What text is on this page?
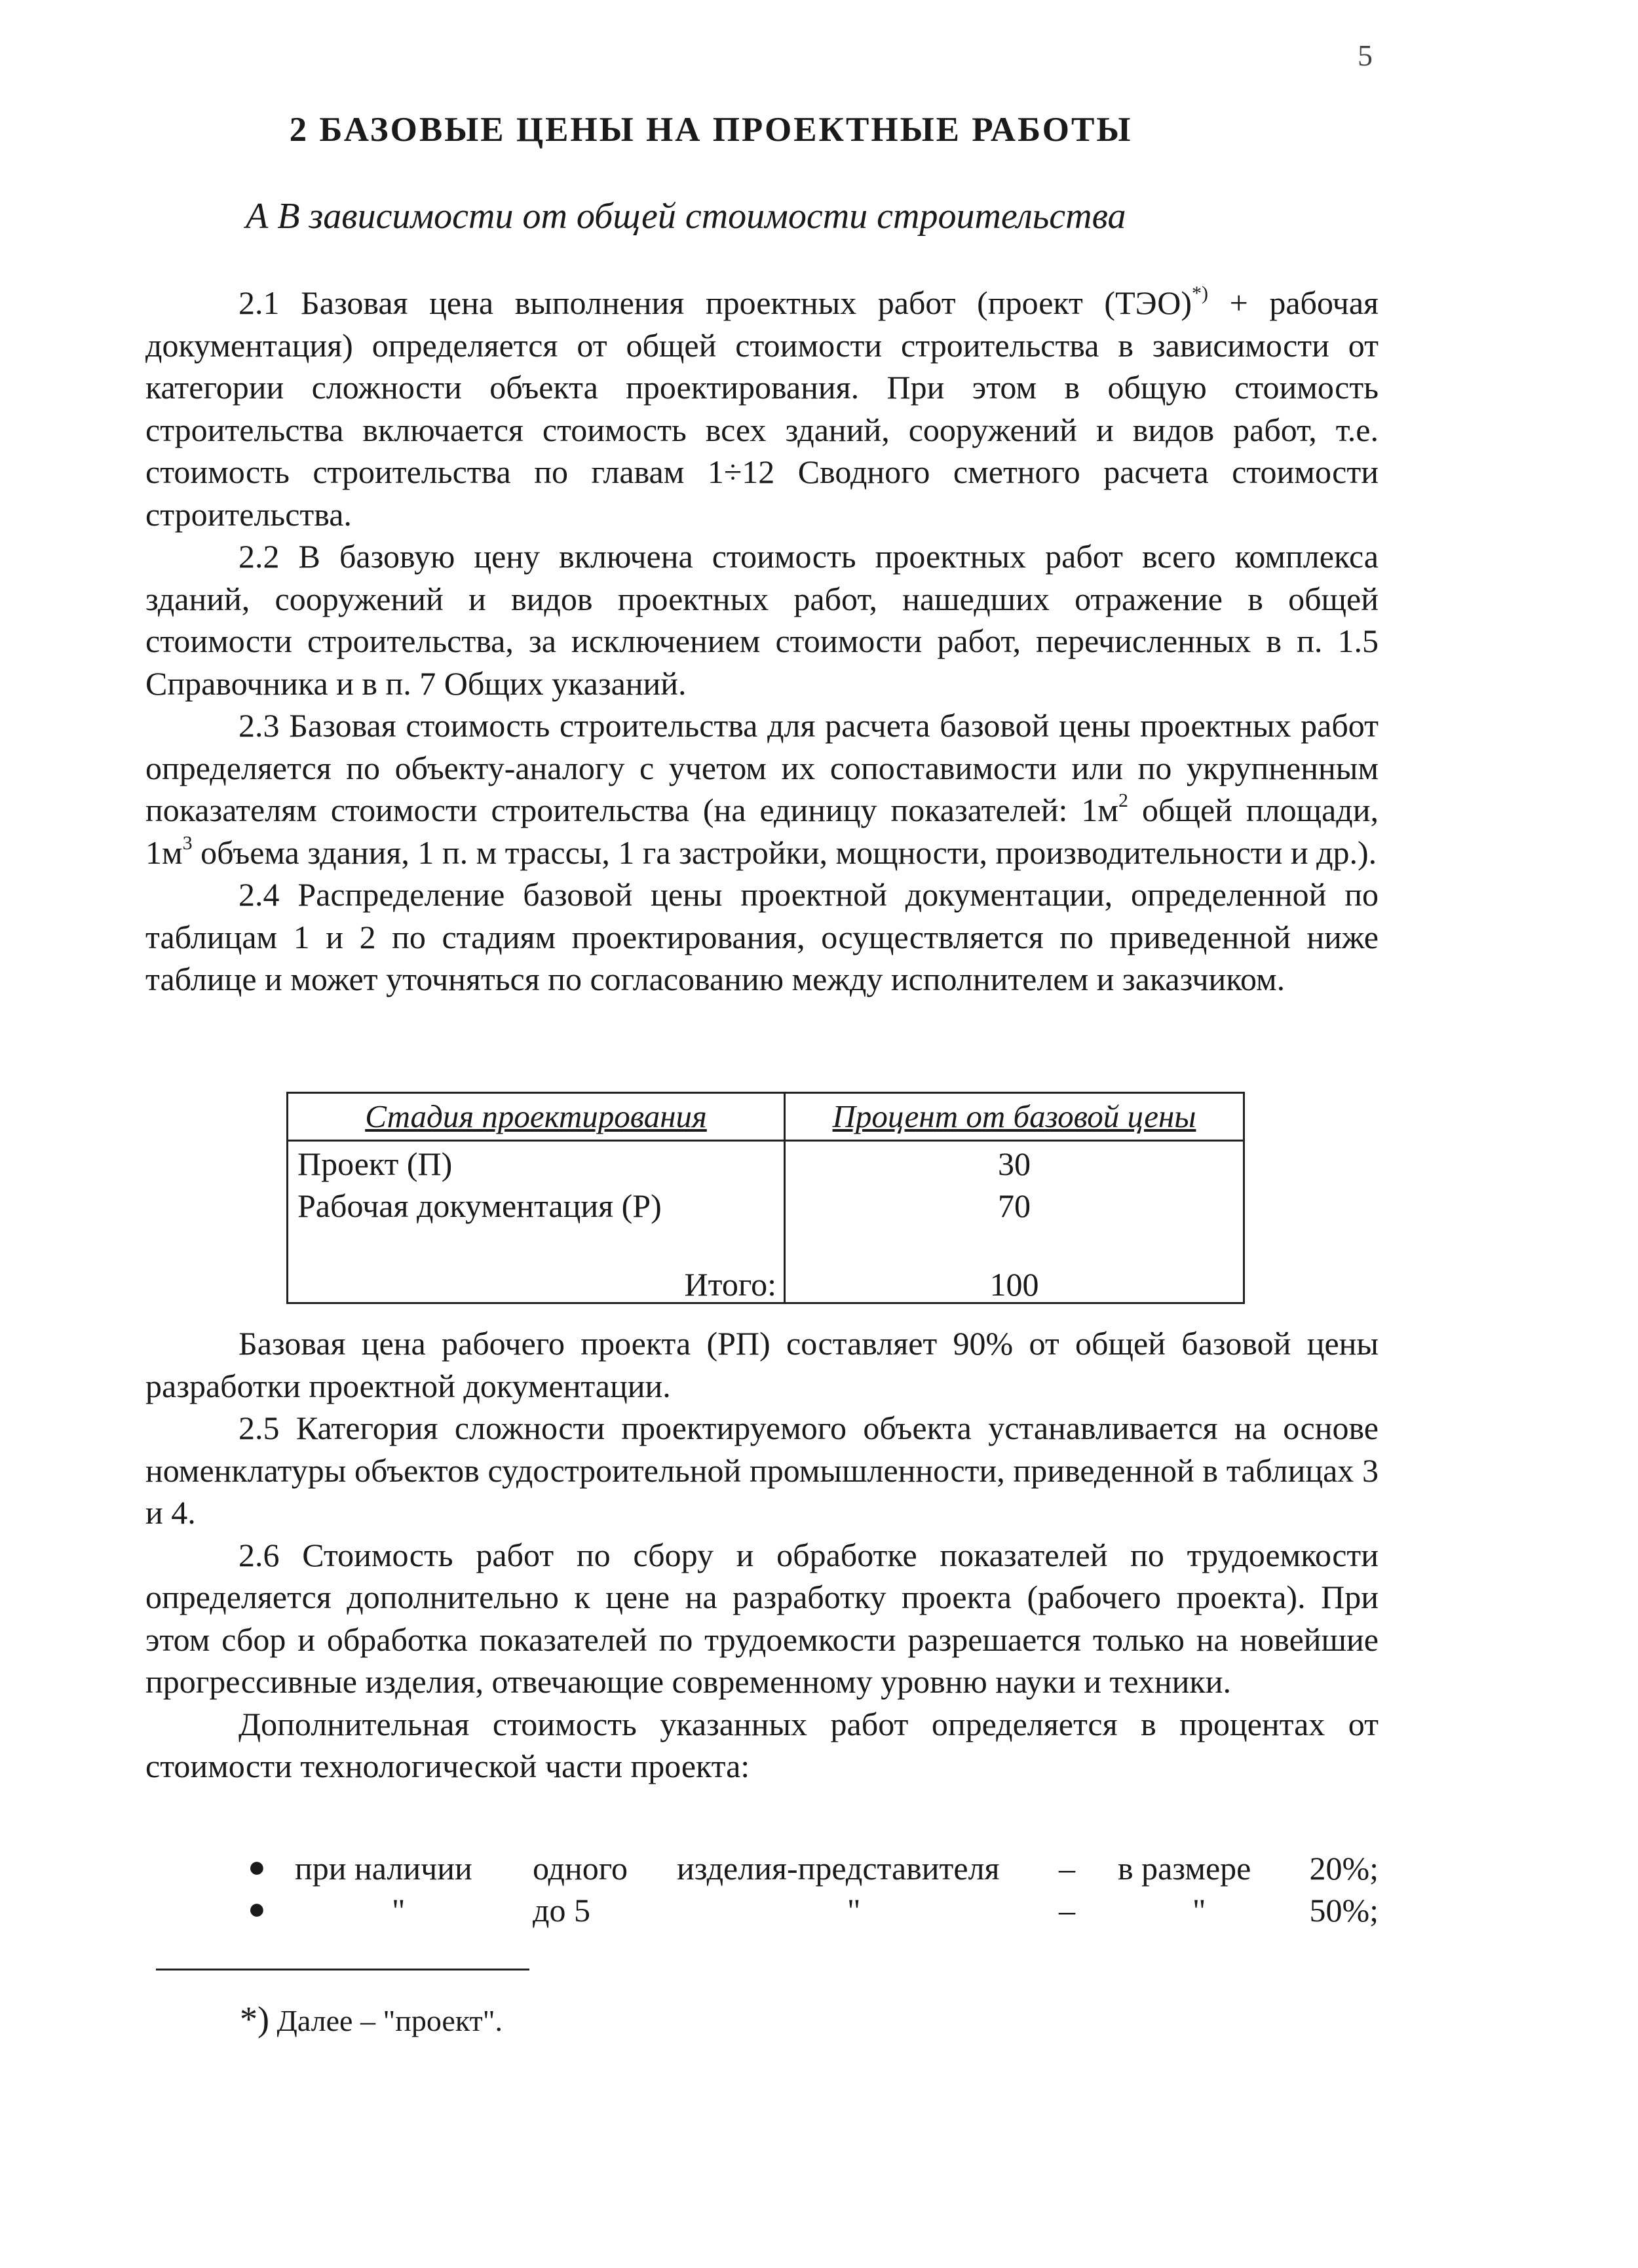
5
2 БАЗОВЫЕ ЦЕНЫ НА ПРОЕКТНЫЕ РАБОТЫ
А В зависимости от общей стоимости строительства

2.1 Базовая цена выполнения проектных работ (проект (ТЭО)*) + рабочая документация) определяется от общей стоимости строительства в зависимости от категории сложности объекта проектирования. При этом в общую стоимость строительства включается стоимость всех зданий, сооружений и видов работ, т.е. стоимость строительства по главам 1÷12 Сводного сметного расчета стоимости строительства.

2.2 В базовую цену включена стоимость проектных работ всего комплекса зданий, сооружений и видов проектных работ, нашедших отражение в общей стоимости строительства, за исключением стоимости работ, перечисленных в п. 1.5 Справочника и в п. 7 Общих указаний.

2.3 Базовая стоимость строительства для расчета базовой цены проектных работ определяется по объекту-аналогу с учетом их сопоставимости или по укрупненным показателям стоимости строительства (на единицу показателей: $1м^2$ общей площади, $1м^3$ объема здания, 1 п. м трассы, 1 га застройки, мощности, производительности и др.).

2.4 Распределение базовой цены проектной документации, определенной по таблицам 1 и 2 по стадиям проектирования, осуществляется по приведенной ниже таблице и может уточняться по согласованию между исполнителем и заказчиком.

Стадия проектирования	Процент от базовой цены
Проект (П)	30
Рабочая документация (Р)	70
Итого:	100

Базовая цена рабочего проекта (РП) составляет 90% от общей базовой цены разработки проектной документации.

2.5 Категория сложности проектируемого объекта устанавливается на основе номенклатуры объектов судостроительной промышленности, приведенной в таблицах 3 и 4.

2.6 Стоимость работ по сбору и обработке показателей по трудоемкости определяется дополнительно к цене на разработку проекта (рабочего проекта). При этом сбор и обработка показателей по трудоемкости разрешается только на новейшие прогрессивные изделия, отвечающие современному уровню науки и техники.

Дополнительная стоимость указанных работ определяется в процентах от стоимости технологической части проекта:

● при наличии одного изделия-представителя – в размере 20%;
●	"	до 5	"	–	"	50%;
*) Далее – "проект".
